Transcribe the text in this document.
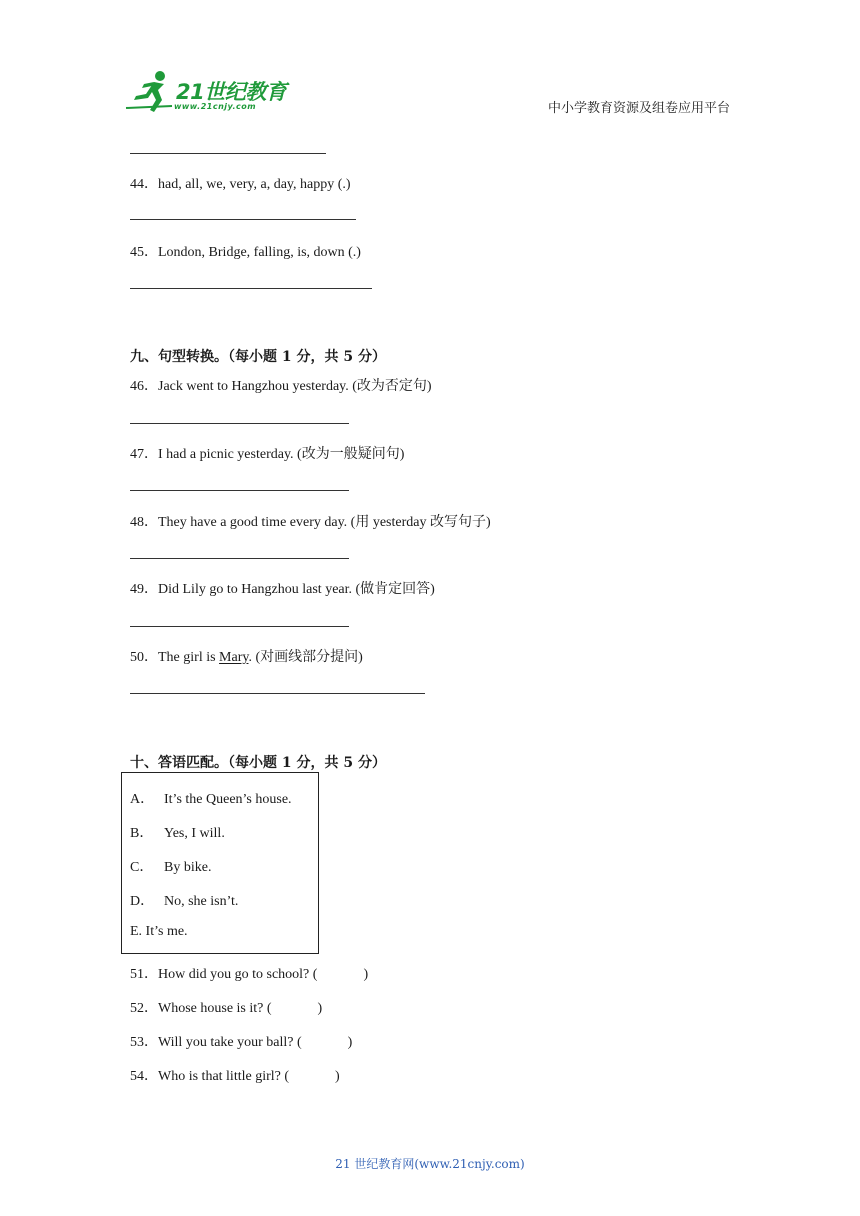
21世纪教育
www.21cnjy.com	中小学教育资源及组卷应用平台
44．had, all, we, very, a, day, happy (.)
45．London, Bridge, falling, is, down (.)
九、句型转换。（每小题 1 分，共 5 分）
46．Jack went to Hangzhou yesterday. (改为否定句)
47．I had a picnic yesterday. (改为一般疑问句)
48．They have a good time every day. (用 yesterday 改写句子)
49．Did Lily go to Hangzhou last year. (做肯定回答)
50．The girl is Mary. (对画线部分提问)
十、答语匹配。（每小题 1 分，共 5 分）
A． It’s the Queen’s house.
B． Yes, I will.
C． By bike.
D． No, she isn’t.
E. It’s me.
51．How did you go to school? (	)
52．Whose house is it? (	)
53．Will you take your ball? (	)
54．Who is that little girl? (	)
21 世纪教育网(www.21cnjy.com)
